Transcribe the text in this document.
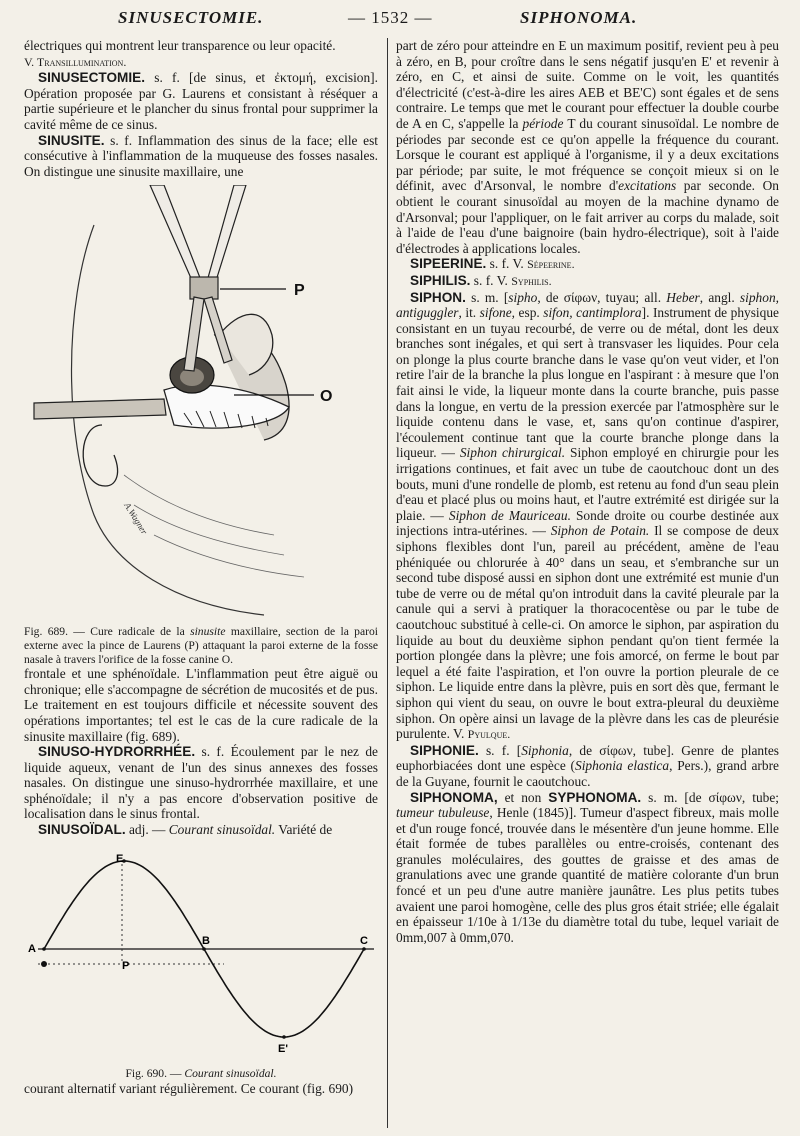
SINUSECTOMIE.	— 1532 —	SIPHONOMA.

électriques qui montrent leur transparence ou leur opacité.

V. Transillumination.

SINUSECTOMIE. s. f. [de sinus, et ἐκτομή, excision]. Opération proposée par G. Laurens et consistant à réséquer a partie supérieure et le plancher du sinus frontal pour supprimer la cavité même de ce sinus.

SINUSITE. s. f. Inflammation des sinus de la face; elle est consécutive à l'inflammation de la muqueuse des fosses nasales. On distingue une sinusite maxillaire, une

P
O
A.Wagner

Fig. 689. — Cure radicale de la sinusite maxillaire, section de la paroi externe avec la pince de Laurens (P) attaquant la paroi externe de la fosse nasale à travers l'orifice de la fosse canine O.

frontale et une sphénoïdale. L'inflammation peut être aiguë ou chronique; elle s'accompagne de sécrétion de mucosités et de pus. Le traitement en est toujours difficile et nécessite souvent des opérations importantes; tel est le cas de la cure radicale de la sinusite maxillaire (fig. 689).

SINUSO-HYDRORRHÉE. s. f. Écoulement par le nez de liquide aqueux, venant de l'un des sinus annexes des fosses nasales. On distingue une sinuso-hydrorrhée maxillaire, et une sphénoïdale; il n'y a pas encore d'observation positive de localisation dans le sinus frontal.

SINUSOÏDAL. adj. — Courant sinusoïdal. Variété de

A
E
B	C
P
E'

Fig. 690. — Courant sinusoïdal.

courant alternatif variant régulièrement. Ce courant (fig. 690)

part de zéro pour atteindre en E un maximum positif, revient peu à peu à zéro, en B, pour croître dans le sens négatif jusqu'en E' et revenir à zéro, en C, et ainsi de suite. Comme on le voit, les quantités d'électricité (c'est-à-dire les aires AEB et BE'C) sont égales et de sens contraire. Le temps que met le courant pour effectuer la double courbe de A en C, s'appelle la période T du courant sinusoïdal. Le nombre de périodes par seconde est ce qu'on appelle la fréquence du courant. Lorsque le courant est appliqué à l'organisme, il y a deux excitations par période; par suite, le mot fréquence se conçoit mieux si on le définit, avec d'Arsonval, le nombre d'excitations par seconde. On obtient le courant sinusoïdal au moyen de la machine dynamo de d'Arsonval; pour l'appliquer, on le fait arriver au corps du malade, soit à l'aide de l'eau d'une baignoire (bain hydro-électrique), soit à l'aide d'électrodes à applications locales.

SIPEERINE. s. f. V. Sépeerine.

SIPHILIS. s. f. V. Syphilis.

SIPHON. s. m. [sipho, de σίφων, tuyau; all. Heber, angl. siphon, antiguggler, it. sifone, esp. sifon, cantimplora]. Instrument de physique consistant en un tuyau recourbé, de verre ou de métal, dont les deux branches sont inégales, et qui sert à transvaser les liquides. Pour cela on plonge la plus courte branche dans le vase qu'on veut vider, et l'on retire l'air de la branche la plus longue en l'aspirant : à mesure que l'on fait ainsi le vide, la liqueur monte dans la courte branche, puis passe dans la longue, en vertu de la pression exercée par l'atmosphère sur le liquide contenu dans le vase, et, sans qu'on continue d'aspirer, l'écoulement continue tant que la courte branche plonge dans la liqueur. — Siphon chirurgical. Siphon employé en chirurgie pour les irrigations continues, et fait avec un tube de caoutchouc dont un des bouts, muni d'une rondelle de plomb, est retenu au fond d'un seau plein d'eau et placé plus ou moins haut, et l'autre extrémité est dirigée sur la plaie. — Siphon de Mauriceau. Sonde droite ou courbe destinée aux injections intra-utérines. — Siphon de Potain. Il se compose de deux siphons flexibles dont l'un, pareil au précédent, amène de l'eau phéniquée ou chlorurée à 40° dans un seau, et s'embranche sur un second tube disposé aussi en siphon dont une extrémité est munie d'un tube de verre ou de métal qu'on introduit dans la cavité pleurale par la canule qui a servi à pratiquer la thoracocentèse ou par le tube de caoutchouc substitué à celle-ci. On amorce le siphon, par aspiration du liquide au bout du deuxième siphon pendant qu'on tient fermée la portion plongée dans la plèvre; une fois amorcé, on ferme le bout par lequel a été faite l'aspiration, et l'on ouvre la portion pleurale de ce siphon. Le liquide entre dans la plèvre, puis en sort dès que, fermant le siphon qui vient du seau, on ouvre le bout extra-pleural du deuxième siphon. On opère ainsi un lavage de la plèvre dans les cas de pleurésie purulente. V. Pyulque.

SIPHONIE. s. f. [Siphonia, de σίφων, tube]. Genre de plantes euphorbiacées dont une espèce (Siphonia elastica, Pers.), grand arbre de la Guyane, fournit le caoutchouc.

SIPHONOMA, et non SYPHONOMA. s. m. [de σίφων, tube; tumeur tubuleuse, Henle (1845)]. Tumeur d'aspect fibreux, mais molle et d'un rouge foncé, trouvée dans le mésentère d'un jeune homme. Elle était formée de tubes parallèles ou entre-croisés, contenant des granules moléculaires, des gouttes de graisse et des amas de granulations avec une grande quantité de matière colorante d'un brun foncé et un peu d'une autre manière jaunâtre. Les plus petits tubes avaient une paroi homogène, celle des plus gros était striée; elle égalait en épaisseur 1/10e à 1/13e du diamètre total du tube, lequel variait de 0mm,007 à 0mm,070.
